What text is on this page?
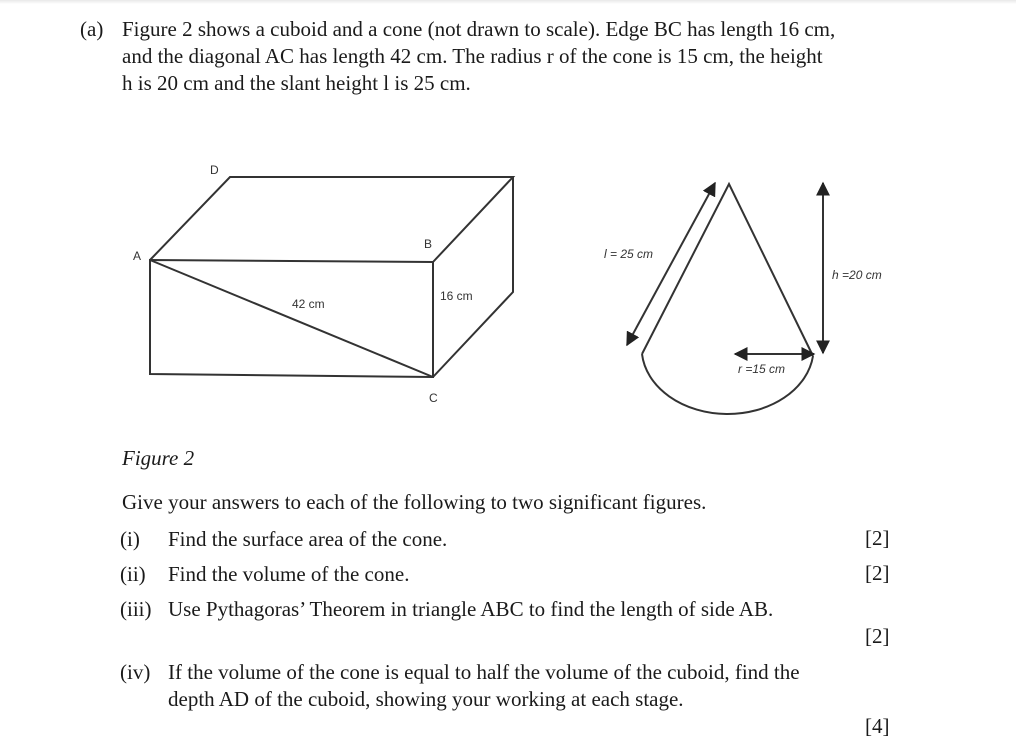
(a) Figure 2 shows a cuboid and a cone (not drawn to scale). Edge BC has length 16 cm, and the diagonal AC has length 42 cm. The radius r of the cone is 15 cm, the height h is 20 cm and the slant height l is 25 cm.
A
D
B
C
42 cm
16 cm
l = 25 cm
h =20 cm
r =15 cm
Figure 2
Give your answers to each of the following to two significant figures.
(i) Find the surface area of the cone.	[2]
(ii) Find the volume of the cone.	[2]
(iii) Use Pythagoras’ Theorem in triangle ABC to find the length of side AB.
[2]
(iv) If the volume of the cone is equal to half the volume of the cuboid, find the depth AD of the cuboid, showing your working at each stage.
[4]
